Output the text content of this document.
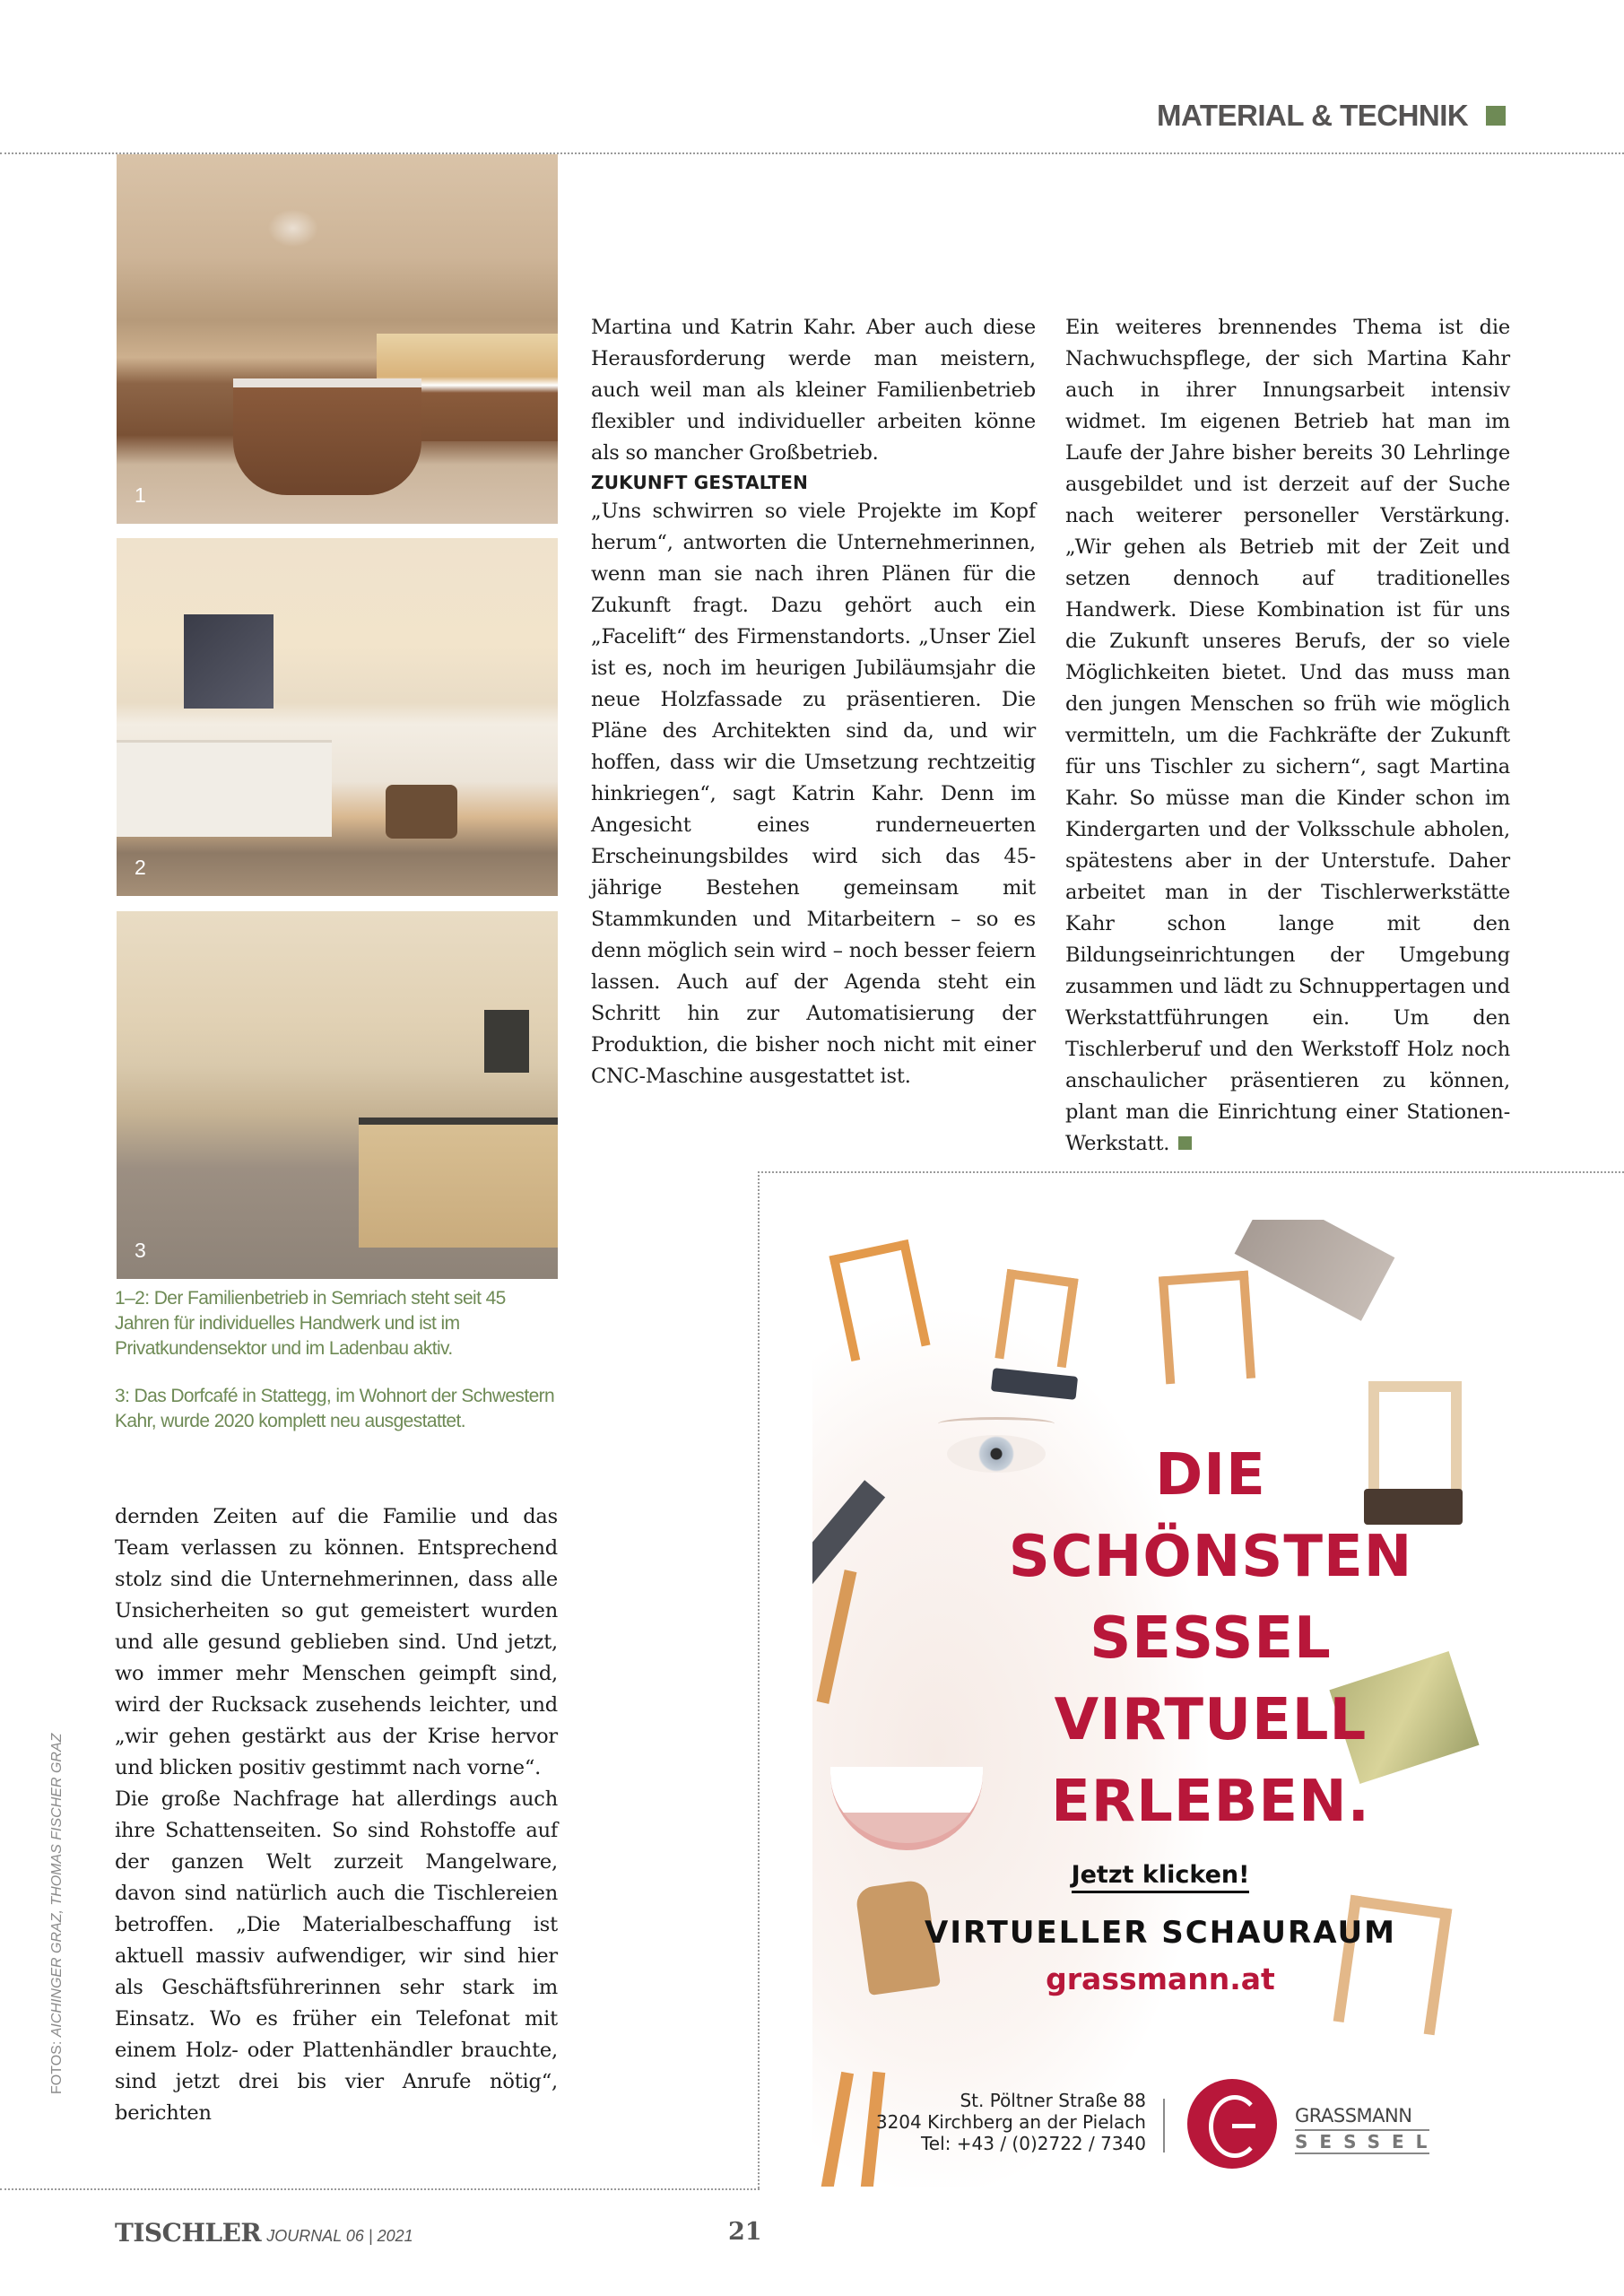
MATERIAL & TECHNIK
1
2
3
1–2: Der Familienbetrieb in Semriach steht seit 45 Jahren für individuelles Handwerk und ist im Privatkundensektor und im Ladenbau aktiv.
3: Das Dorfcafé in Stattegg, im Wohnort der Schwestern Kahr, wurde 2020 komplett neu ausgestattet.

dernden Zeiten auf die Familie und das Team verlassen zu können. Entsprechend stolz sind die Unternehmerinnen, dass alle Unsicherheiten so gut gemeistert wurden und alle gesund geblieben sind. Und jetzt, wo immer mehr Menschen geimpft sind, wird der Rucksack zusehends leichter, und „wir gehen gestärkt aus der Krise hervor und blicken positiv gestimmt nach vorne“.

Die große Nachfrage hat allerdings auch ihre Schattenseiten. So sind Rohstoffe auf der ganzen Welt zurzeit Mangelware, davon sind natürlich auch die Tischlereien betroffen. „Die Materialbeschaffung ist aktuell massiv aufwendiger, wir sind hier als Geschäftsführerinnen sehr stark im Einsatz. Wo es früher ein Telefonat mit einem Holz- oder Plattenhändler brauchte, sind jetzt drei bis vier Anrufe nötig“, berichten

Martina und Katrin Kahr. Aber auch diese Herausforderung werde man meistern, auch weil man als kleiner Familienbetrieb flexibler und individueller arbeiten könne als so mancher Großbetrieb.

ZUKUNFT GESTALTEN

„Uns schwirren so viele Projekte im Kopf herum“, antworten die Unternehmerinnen, wenn man sie nach ihren Plänen für die Zukunft fragt. Dazu gehört auch ein „Facelift“ des Firmenstandorts. „Unser Ziel ist es, noch im heurigen Jubiläumsjahr die neue Holzfassade zu präsentieren. Die Pläne des Architekten sind da, und wir hoffen, dass wir die Umsetzung rechtzeitig hinkriegen“, sagt Katrin Kahr. Denn im Angesicht eines runderneuerten Erscheinungsbildes wird sich das 45-jährige Bestehen gemeinsam mit Stammkunden und Mitarbeitern – so es denn möglich sein wird – noch besser feiern lassen. Auch auf der Agenda steht ein Schritt hin zur Automatisierung der Produktion, die bisher noch nicht mit einer CNC-Maschine ausgestattet ist.

Ein weiteres brennendes Thema ist die Nachwuchspflege, der sich Martina Kahr auch in ihrer Innungsarbeit intensiv widmet. Im eigenen Betrieb hat man im Laufe der Jahre bisher bereits 30 Lehrlinge ausgebildet und ist derzeit auf der Suche nach weiterer personeller Verstärkung. „Wir gehen als Betrieb mit der Zeit und setzen dennoch auf traditionelles Handwerk. Diese Kombination ist für uns die Zukunft unseres Berufs, der so viele Möglichkeiten bietet. Und das muss man den jungen Menschen so früh wie möglich vermitteln, um die Fachkräfte der Zukunft für uns Tischler zu sichern“, sagt Martina Kahr. So müsse man die Kinder schon im Kindergarten und der Volksschule abholen, spätestens aber in der Unterstufe. Daher arbeitet man in der Tischlerwerkstätte Kahr schon lange mit den Bildungseinrichtungen der Umgebung zusammen und lädt zu Schnuppertagen und Werkstattführungen ein. Um den Tischlerberuf und den Werkstoff Holz noch anschaulicher präsentieren zu können, plant man die Einrichtung einer Stationen-Werkstatt.

FOTOS: AICHINGER GRAZ, THOMAS FISCHER GRAZ
DIE
SCHÖNSTEN
SESSEL
VIRTUELL
ERLEBEN.
Jetzt klicken!
VIRTUELLER SCHAURAUM
grassmann.at
St. Pöltner Straße 88
3204 Kirchberg an der Pielach
Tel: +43 / (0)2722 / 7340
GRASSMANN
SESSEL
TISCHLER JOURNAL 06 | 2021	21
